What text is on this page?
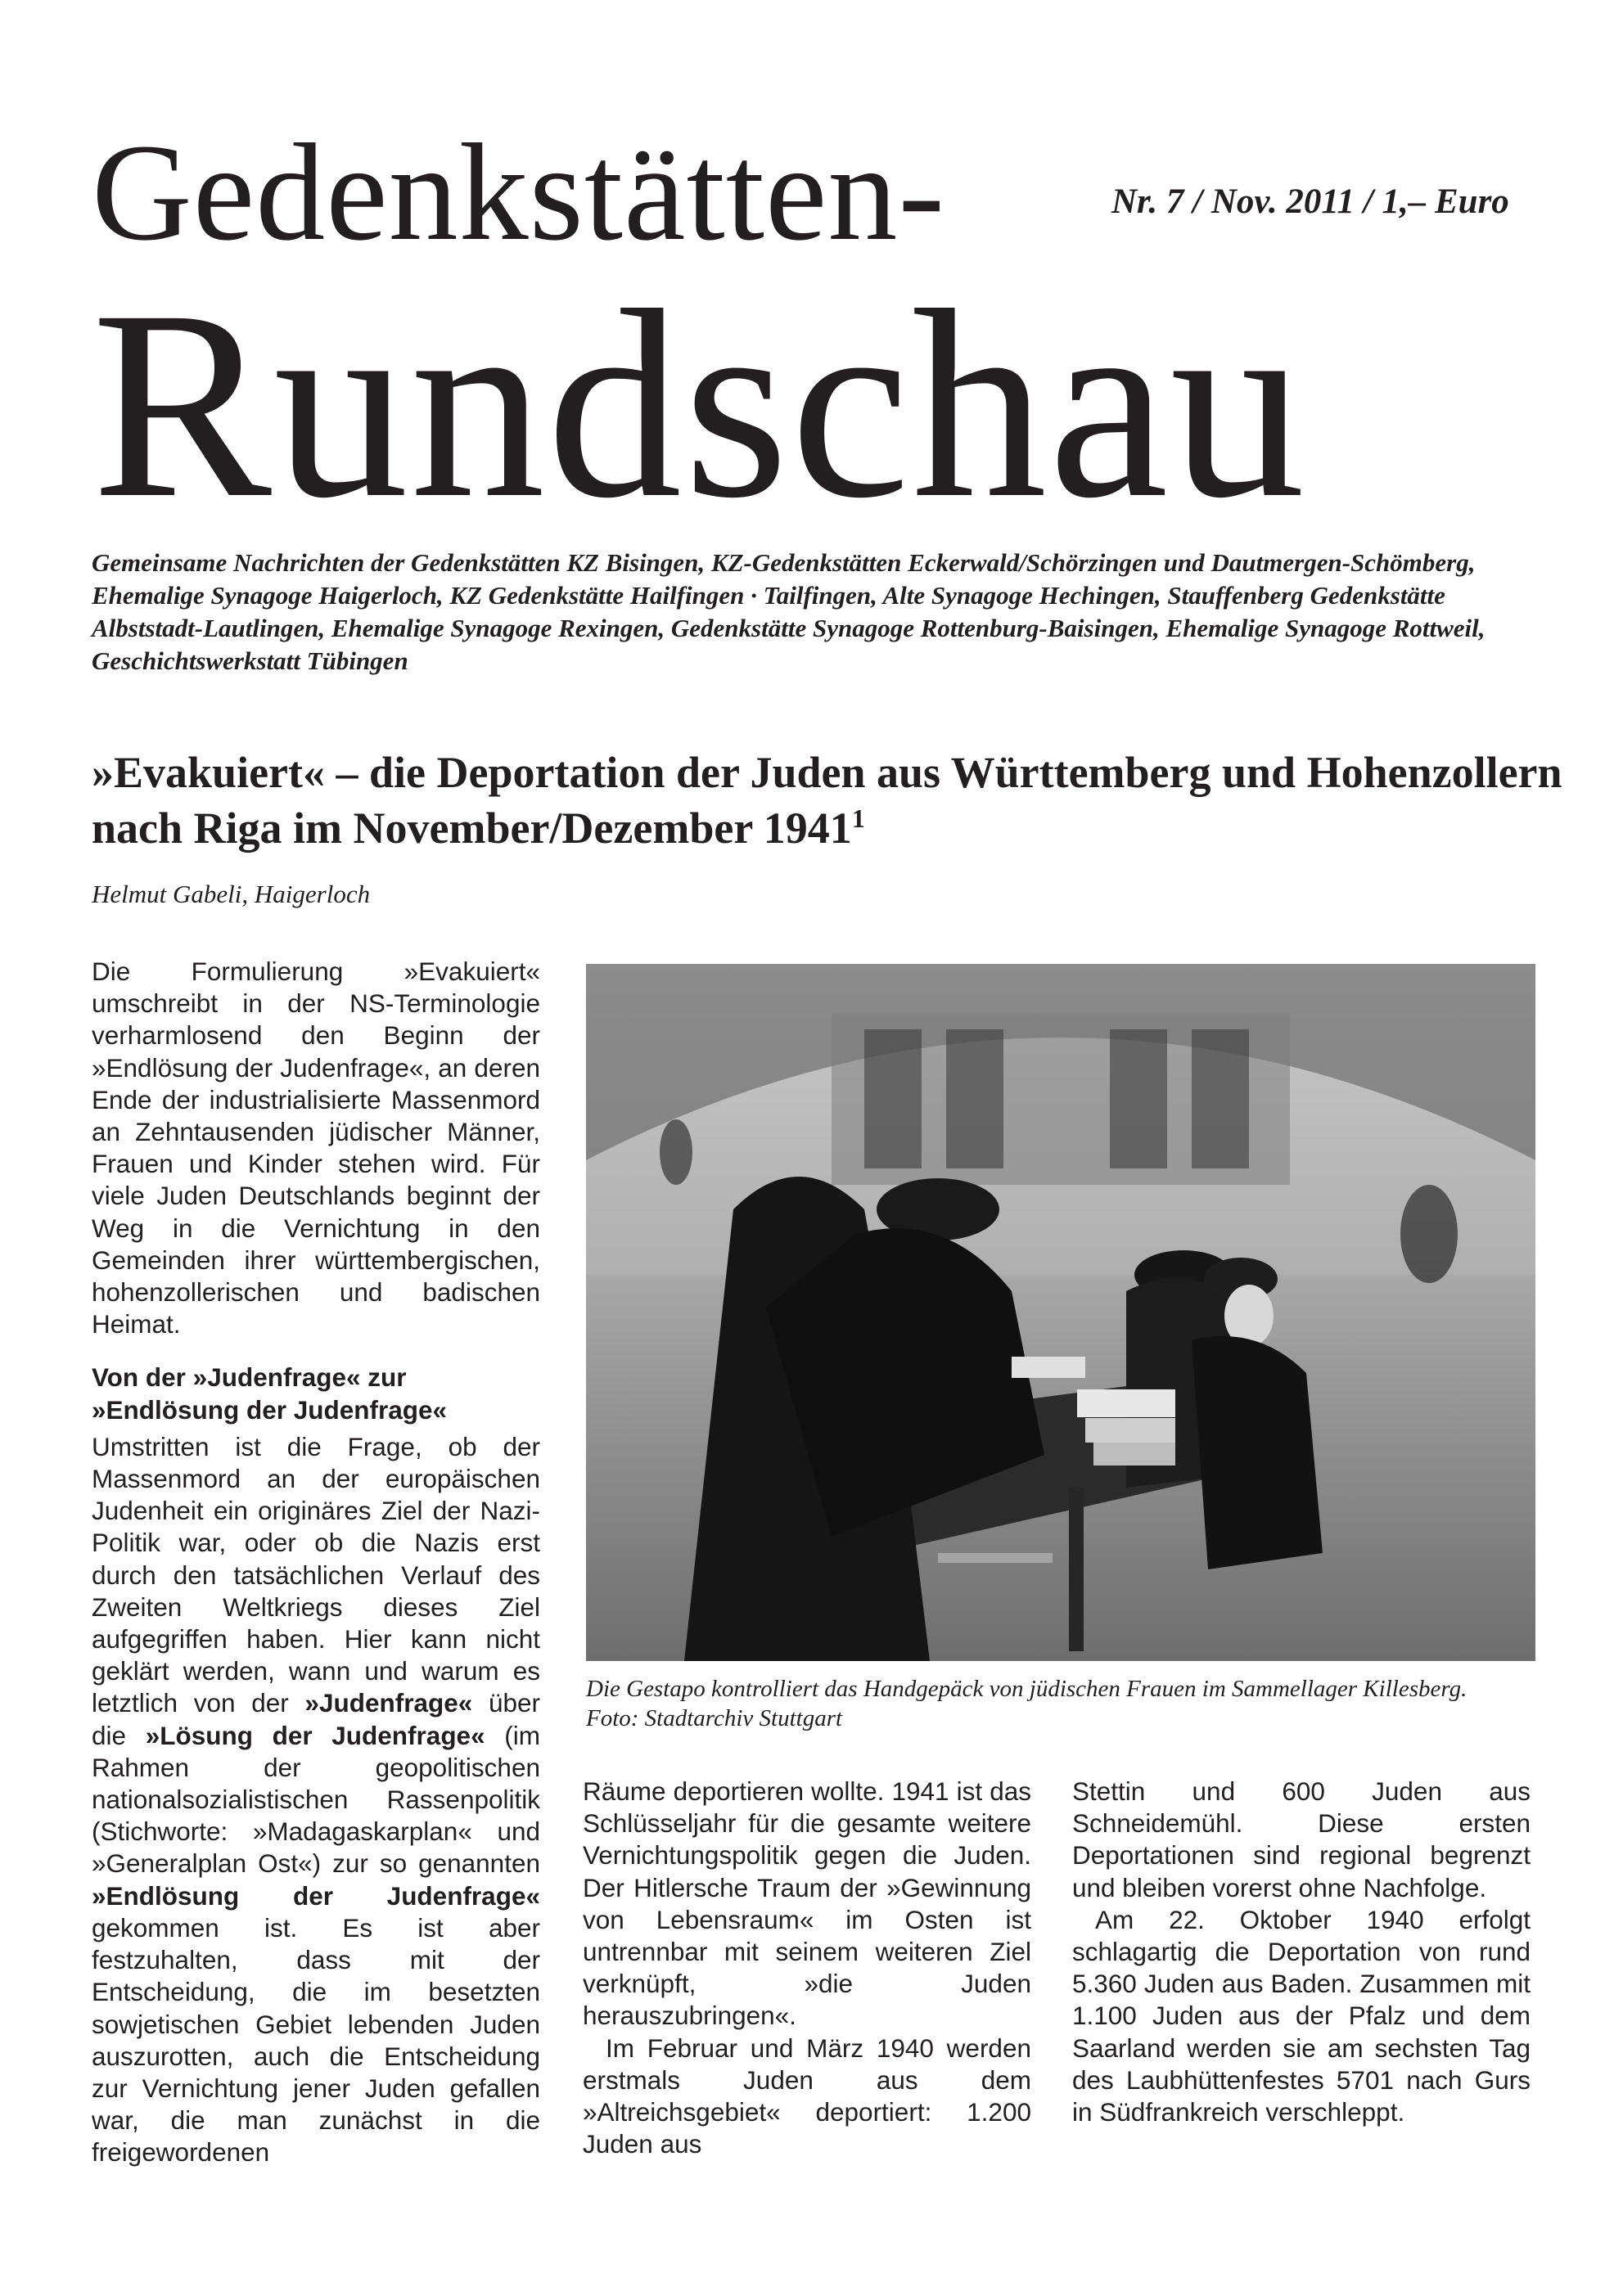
Gedenkstätten-	Nr. 7 / Nov. 2011 / 1,– Euro
Rundschau
Gemeinsame Nachrichten der Gedenkstätten KZ Bisingen, KZ-Gedenkstätten Eckerwald/Schörzingen und Dautmergen-Schömberg, Ehemalige Synagoge Haigerloch, KZ Gedenkstätte Hailfingen · Tailfingen, Alte Synagoge Hechingen, Stauffenberg Gedenkstätte Albststadt-Lautlingen, Ehemalige Synagoge Rexingen, Gedenkstätte Synagoge Rottenburg-Baisingen, Ehemalige Synagoge Rottweil, Geschichtswerkstatt Tübingen
»Evakuiert« – die Deportation der Juden aus Württemberg und Hohenzollern nach Riga im November/Dezember 1941$^1$
Helmut Gabeli, Haigerloch

Die Formulierung »Evakuiert« umschreibt in der NS-Terminologie verharmlosend den Beginn der »Endlösung der Judenfrage«, an deren Ende der industrialisierte Massenmord an Zehntausenden jüdischer Männer, Frauen und Kinder stehen wird. Für viele Juden Deutschlands beginnt der Weg in die Vernichtung in den Gemeinden ihrer württembergischen, hohenzollerischen und badischen Heimat.

Von der »Judenfrage« zur »Endlösung der Judenfrage«

Umstritten ist die Frage, ob der Massenmord an der europäischen Judenheit ein originäres Ziel der Nazi-Politik war, oder ob die Nazis erst durch den tatsächlichen Verlauf des Zweiten Weltkriegs dieses Ziel aufgegriffen haben. Hier kann nicht geklärt werden, wann und warum es letztlich von der »Judenfrage« über die »Lösung der Judenfrage« (im Rahmen der geopolitischen nationalsozialistischen Rassenpolitik (Stichworte: »Madagaskarplan« und »Generalplan Ost«) zur so genannten »Endlösung der Judenfrage« gekommen ist. Es ist aber festzuhalten, dass mit der Entscheidung, die im besetzten sowjetischen Gebiet lebenden Juden auszurotten, auch die Entscheidung zur Vernichtung jener Juden gefallen war, die man zunächst in die freigewordenen

Die Gestapo kontrolliert das Handgepäck von jüdischen Frauen im Sammellager Killesberg.
Foto: Stadtarchiv Stuttgart

Räume deportieren wollte. 1941 ist das Schlüsseljahr für die gesamte weitere Vernichtungspolitik gegen die Juden. Der Hitlersche Traum der »Gewinnung von Lebensraum« im Osten ist untrennbar mit seinem weiteren Ziel verknüpft, »die Juden herauszubringen«.

Im Februar und März 1940 werden erstmals Juden aus dem »Altreichsgebiet« deportiert: 1.200 Juden aus

Stettin und 600 Juden aus Schneidemühl. Diese ersten Deportationen sind regional begrenzt und bleiben vorerst ohne Nachfolge.

Am 22. Oktober 1940 erfolgt schlagartig die Deportation von rund 5.360 Juden aus Baden. Zusammen mit 1.100 Juden aus der Pfalz und dem Saarland werden sie am sechsten Tag des Laubhüttenfestes 5701 nach Gurs in Südfrankreich verschleppt.
